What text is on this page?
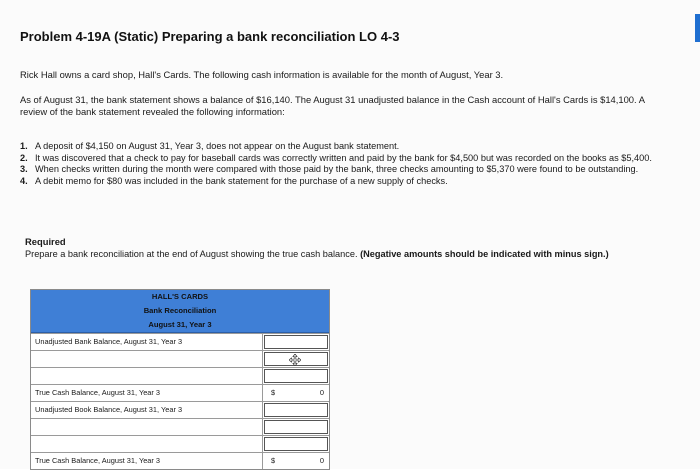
Problem 4-19A (Static) Preparing a bank reconciliation LO 4-3
Rick Hall owns a card shop, Hall's Cards. The following cash information is available for the month of August, Year 3.
As of August 31, the bank statement shows a balance of $16,140. The August 31 unadjusted balance in the Cash account of Hall's Cards is $14,100. A review of the bank statement revealed the following information:
1. A deposit of $4,150 on August 31, Year 3, does not appear on the August bank statement.
2. It was discovered that a check to pay for baseball cards was correctly written and paid by the bank for $4,500 but was recorded on the books as $5,400.
3. When checks written during the month were compared with those paid by the bank, three checks amounting to $5,370 were found to be outstanding.
4. A debit memo for $80 was included in the bank statement for the purchase of a new supply of checks.
Required
Prepare a bank reconciliation at the end of August showing the true cash balance. (Negative amounts should be indicated with minus sign.)
HALL'S CARDS
Bank Reconciliation
August 31, Year 3
Unadjusted Bank Balance, August 31, Year 3
True Cash Balance, August 31, Year 3	$	0
Unadjusted Book Balance, August 31, Year 3
True Cash Balance, August 31, Year 3	$	0
